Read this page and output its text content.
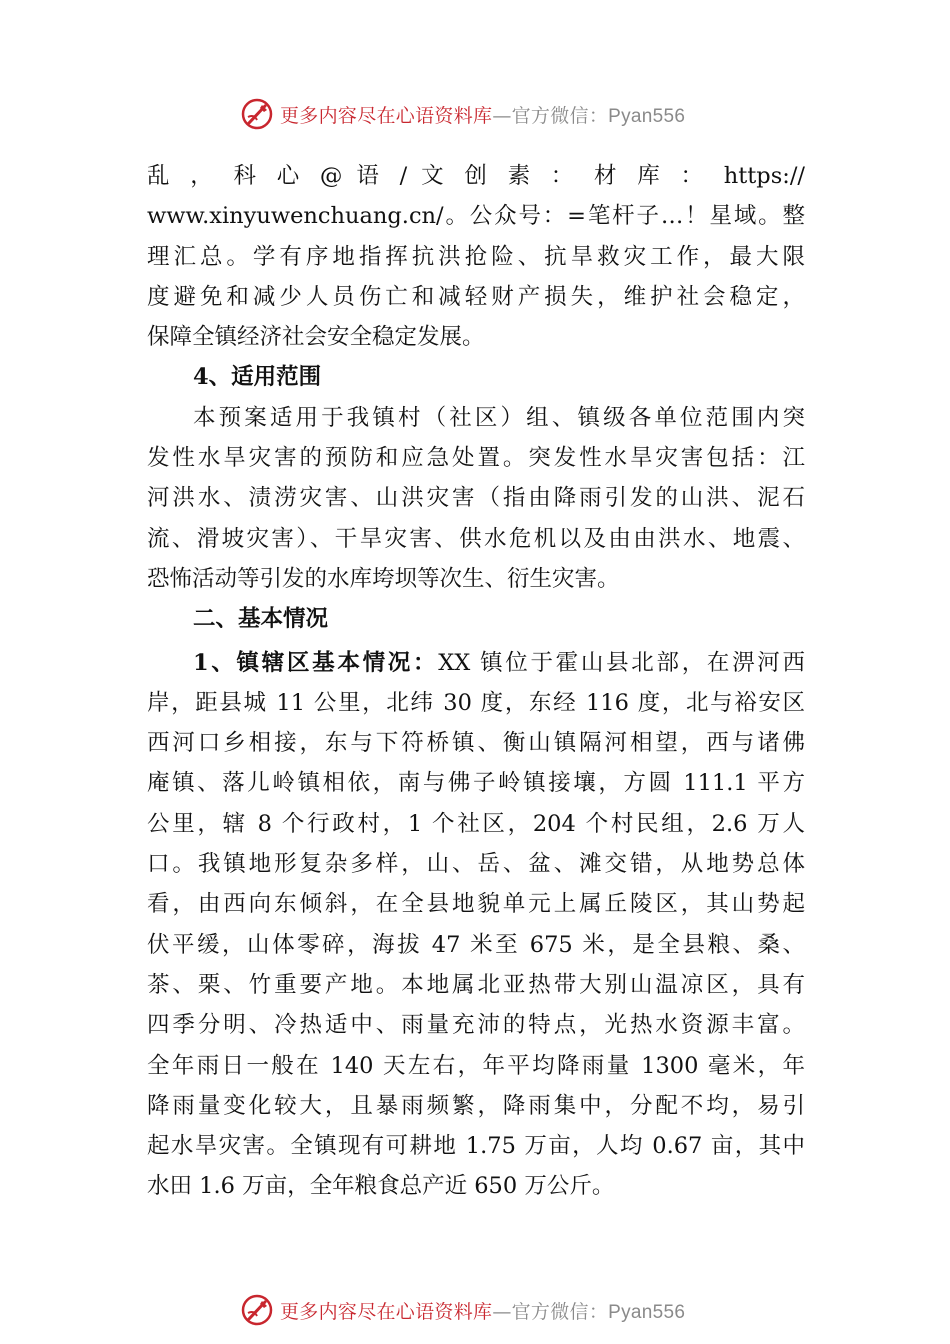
更多内容尽在心语资料库—官方微信：Pyan556
乱 ， 科 心 @ 语 / 文 创 素 ： 材 库 ： https://
www.xinyuwenchuang.cn/。公众号：=笔杆子…！星域。整
理汇总。学有序地指挥抗洪抢险、抗旱救灾工作，最大限
度避免和减少人员伤亡和减轻财产损失，维护社会稳定，
保障全镇经济社会安全稳定发展。
4、适用范围
本预案适用于我镇村（社区）组、镇级各单位范围内突
发性水旱灾害的预防和应急处置。突发性水旱灾害包括：江
河洪水、渍涝灾害、山洪灾害（指由降雨引发的山洪、泥石
流、滑坡灾害）、干旱灾害、供水危机以及由由洪水、地震、
恐怖活动等引发的水库垮坝等次生、衍生灾害。
二、基本情况
1、镇辖区基本情况：XX 镇位于霍山县北部，在淠河西
岸，距县城 11 公里，北纬 30 度，东经 116 度，北与裕安区
西河口乡相接，东与下符桥镇、衡山镇隔河相望，西与诸佛
庵镇、落儿岭镇相依，南与佛子岭镇接壤，方圆 111.1 平方
公里，辖 8 个行政村，1 个社区，204 个村民组，2.6 万人
口。我镇地形复杂多样，山、岳、盆、滩交错，从地势总体
看，由西向东倾斜，在全县地貌单元上属丘陵区，其山势起
伏平缓，山体零碎，海拔 47 米至 675 米，是全县粮、桑、
茶、栗、竹重要产地。本地属北亚热带大别山温凉区，具有
四季分明、冷热适中、雨量充沛的特点，光热水资源丰富。
全年雨日一般在 140 天左右，年平均降雨量 1300 毫米，年
降雨量变化较大，且暴雨频繁，降雨集中，分配不均，易引
起水旱灾害。全镇现有可耕地 1.75 万亩，人均 0.67 亩，其中
水田 1.6 万亩，全年粮食总产近 650 万公斤。
更多内容尽在心语资料库—官方微信：Pyan556
